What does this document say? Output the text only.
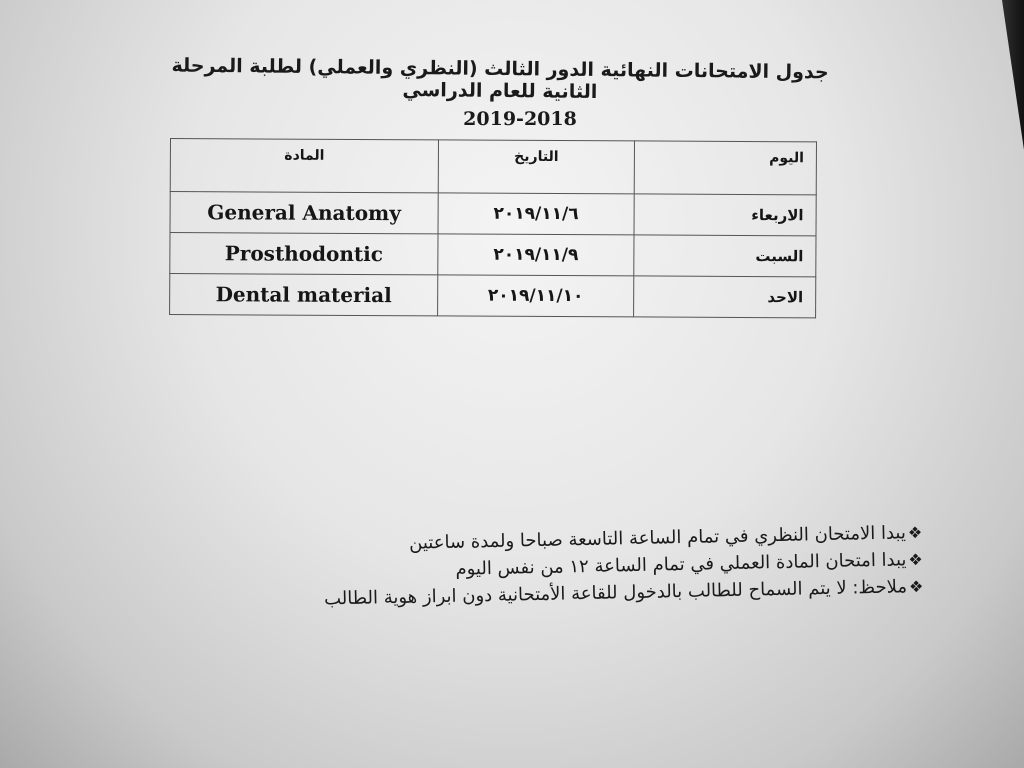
جدول الامتحانات النهائية الدور الثالث (النظري والعملي) لطلبة المرحلة الثانية للعام الدراسي
2019-2018
المادة	التاريخ	اليوم
General Anatomy	٢٠١٩/١١/٦	الاربعاء
Prosthodontic	٢٠١٩/١١/٩	السبت
Dental material	٢٠١٩/١١/١٠	الاحد

❖يبدا الامتحان النظري في تمام الساعة التاسعة صباحا ولمدة ساعتين

❖يبدا امتحان المادة العملي في تمام الساعة ١٢ من نفس اليوم

❖ملاحظ: لا يتم السماح للطالب بالدخول للقاعة الأمتحانية دون ابراز هوية الطالب
